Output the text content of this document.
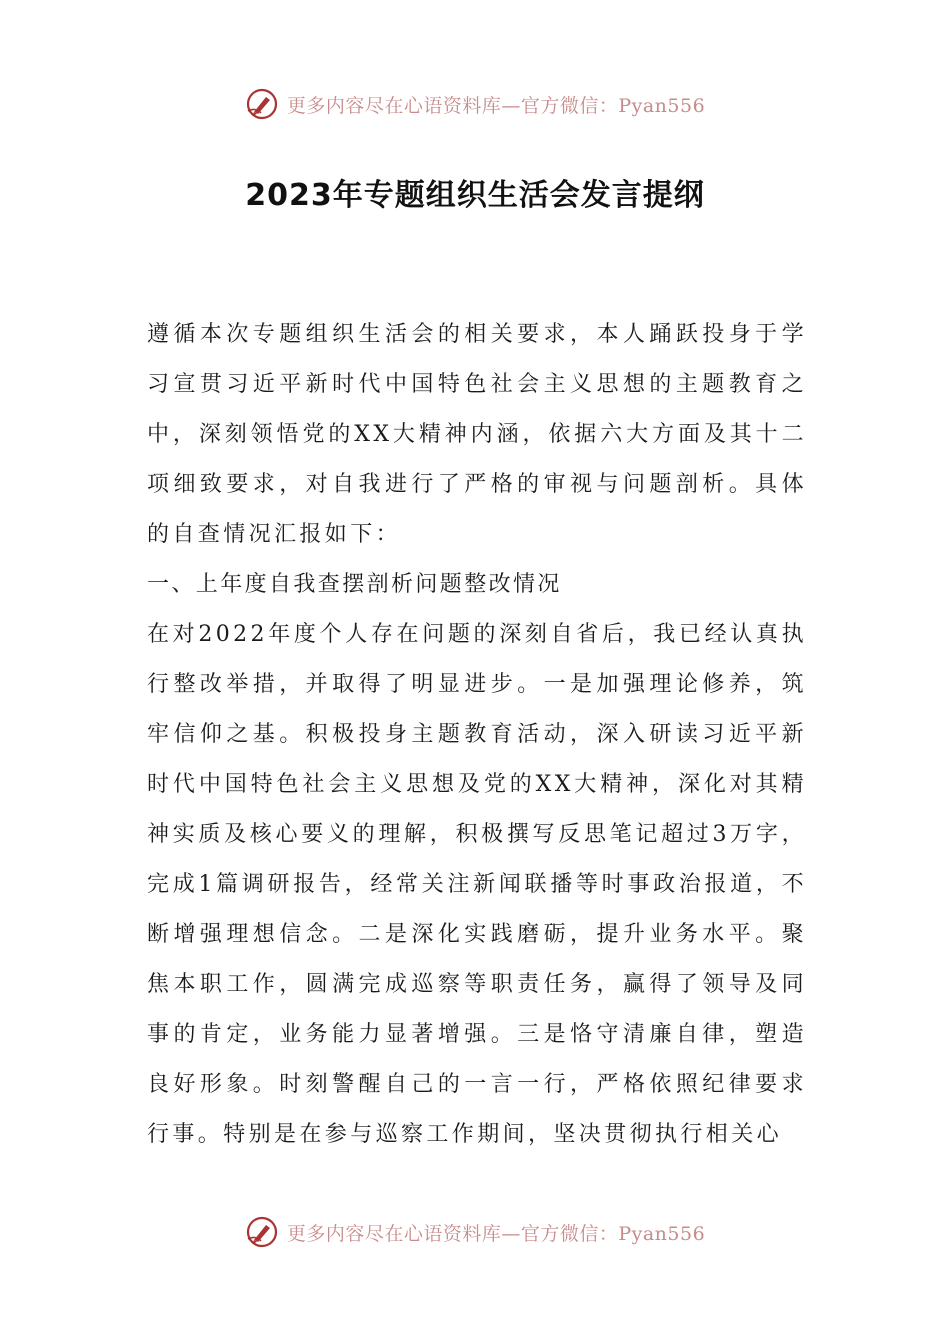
更多内容尽在心语资料库—官方微信：Pyan556
2023年专题组织生活会发言提纲

遵循本次专题组织生活会的相关要求，本人踊跃投身于学习宣贯习近平新时代中国特色社会主义思想的主题教育之中，深刻领悟党的XX大精神内涵，依据六大方面及其十二项细致要求，对自我进行了严格的审视与问题剖析。具体的自查情况汇报如下：

一、上年度自我查摆剖析问题整改情况

在对2022年度个人存在问题的深刻自省后，我已经认真执行整改举措，并取得了明显进步。一是加强理论修养，筑牢信仰之基。积极投身主题教育活动，深入研读习近平新时代中国特色社会主义思想及党的XX大精神，深化对其精神实质及核心要义的理解，积极撰写反思笔记超过3万字，完成1篇调研报告，经常关注新闻联播等时事政治报道，不断增强理想信念。二是深化实践磨砺，提升业务水平。聚焦本职工作，圆满完成巡察等职责任务，赢得了领导及同事的肯定，业务能力显著增强。三是恪守清廉自律，塑造良好形象。时刻警醒自己的一言一行，严格依照纪律要求行事。特别是在参与巡察工作期间，坚决贯彻执行相关心

更多内容尽在心语资料库—官方微信：Pyan556
